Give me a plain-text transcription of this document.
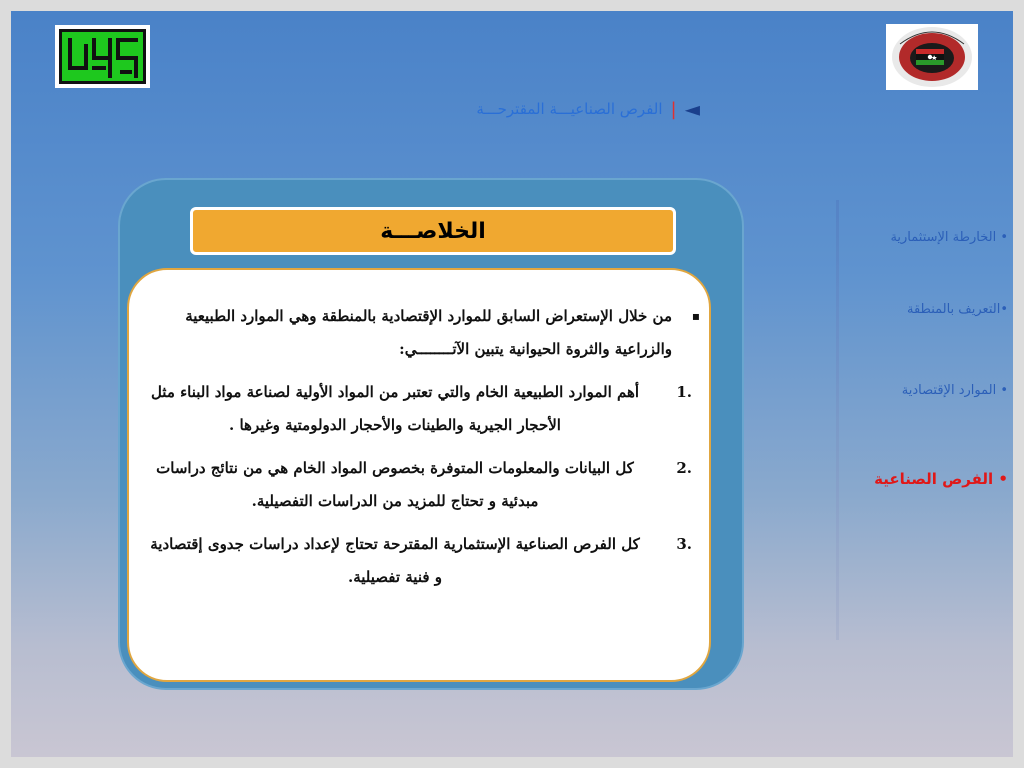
◄
|
الفرص الصناعيـــة المقترحـــة
• الخارطة الإستثمارية
•التعريف بالمنطقة
• الموارد الإقتصادية
• الفرص الصناعية
الخلاصـــة
▪
من خلال الإستعراض السابق للموارد الإقتصادية بالمنطقة وهي الموارد الطبيعية والزراعية والثروة الحيوانية يتبين الآتــــــــي:
1.
أهم الموارد الطبيعية الخام والتي تعتبر من المواد الأولية لصناعة مواد البناء مثل الأحجار الجيرية والطينات والأحجار الدولومتية وغيرها .
2.
كل البيانات والمعلومات المتوفرة بخصوص المواد الخام هي من نتائج دراسات مبدئية و تحتاج للمزيد من الدراسات التفصيلية.
3.
كل الفرص الصناعية الإستثمارية المقترحة تحتاج لإعداد دراسات جدوى إقتصادية و فنية تفصيلية.
